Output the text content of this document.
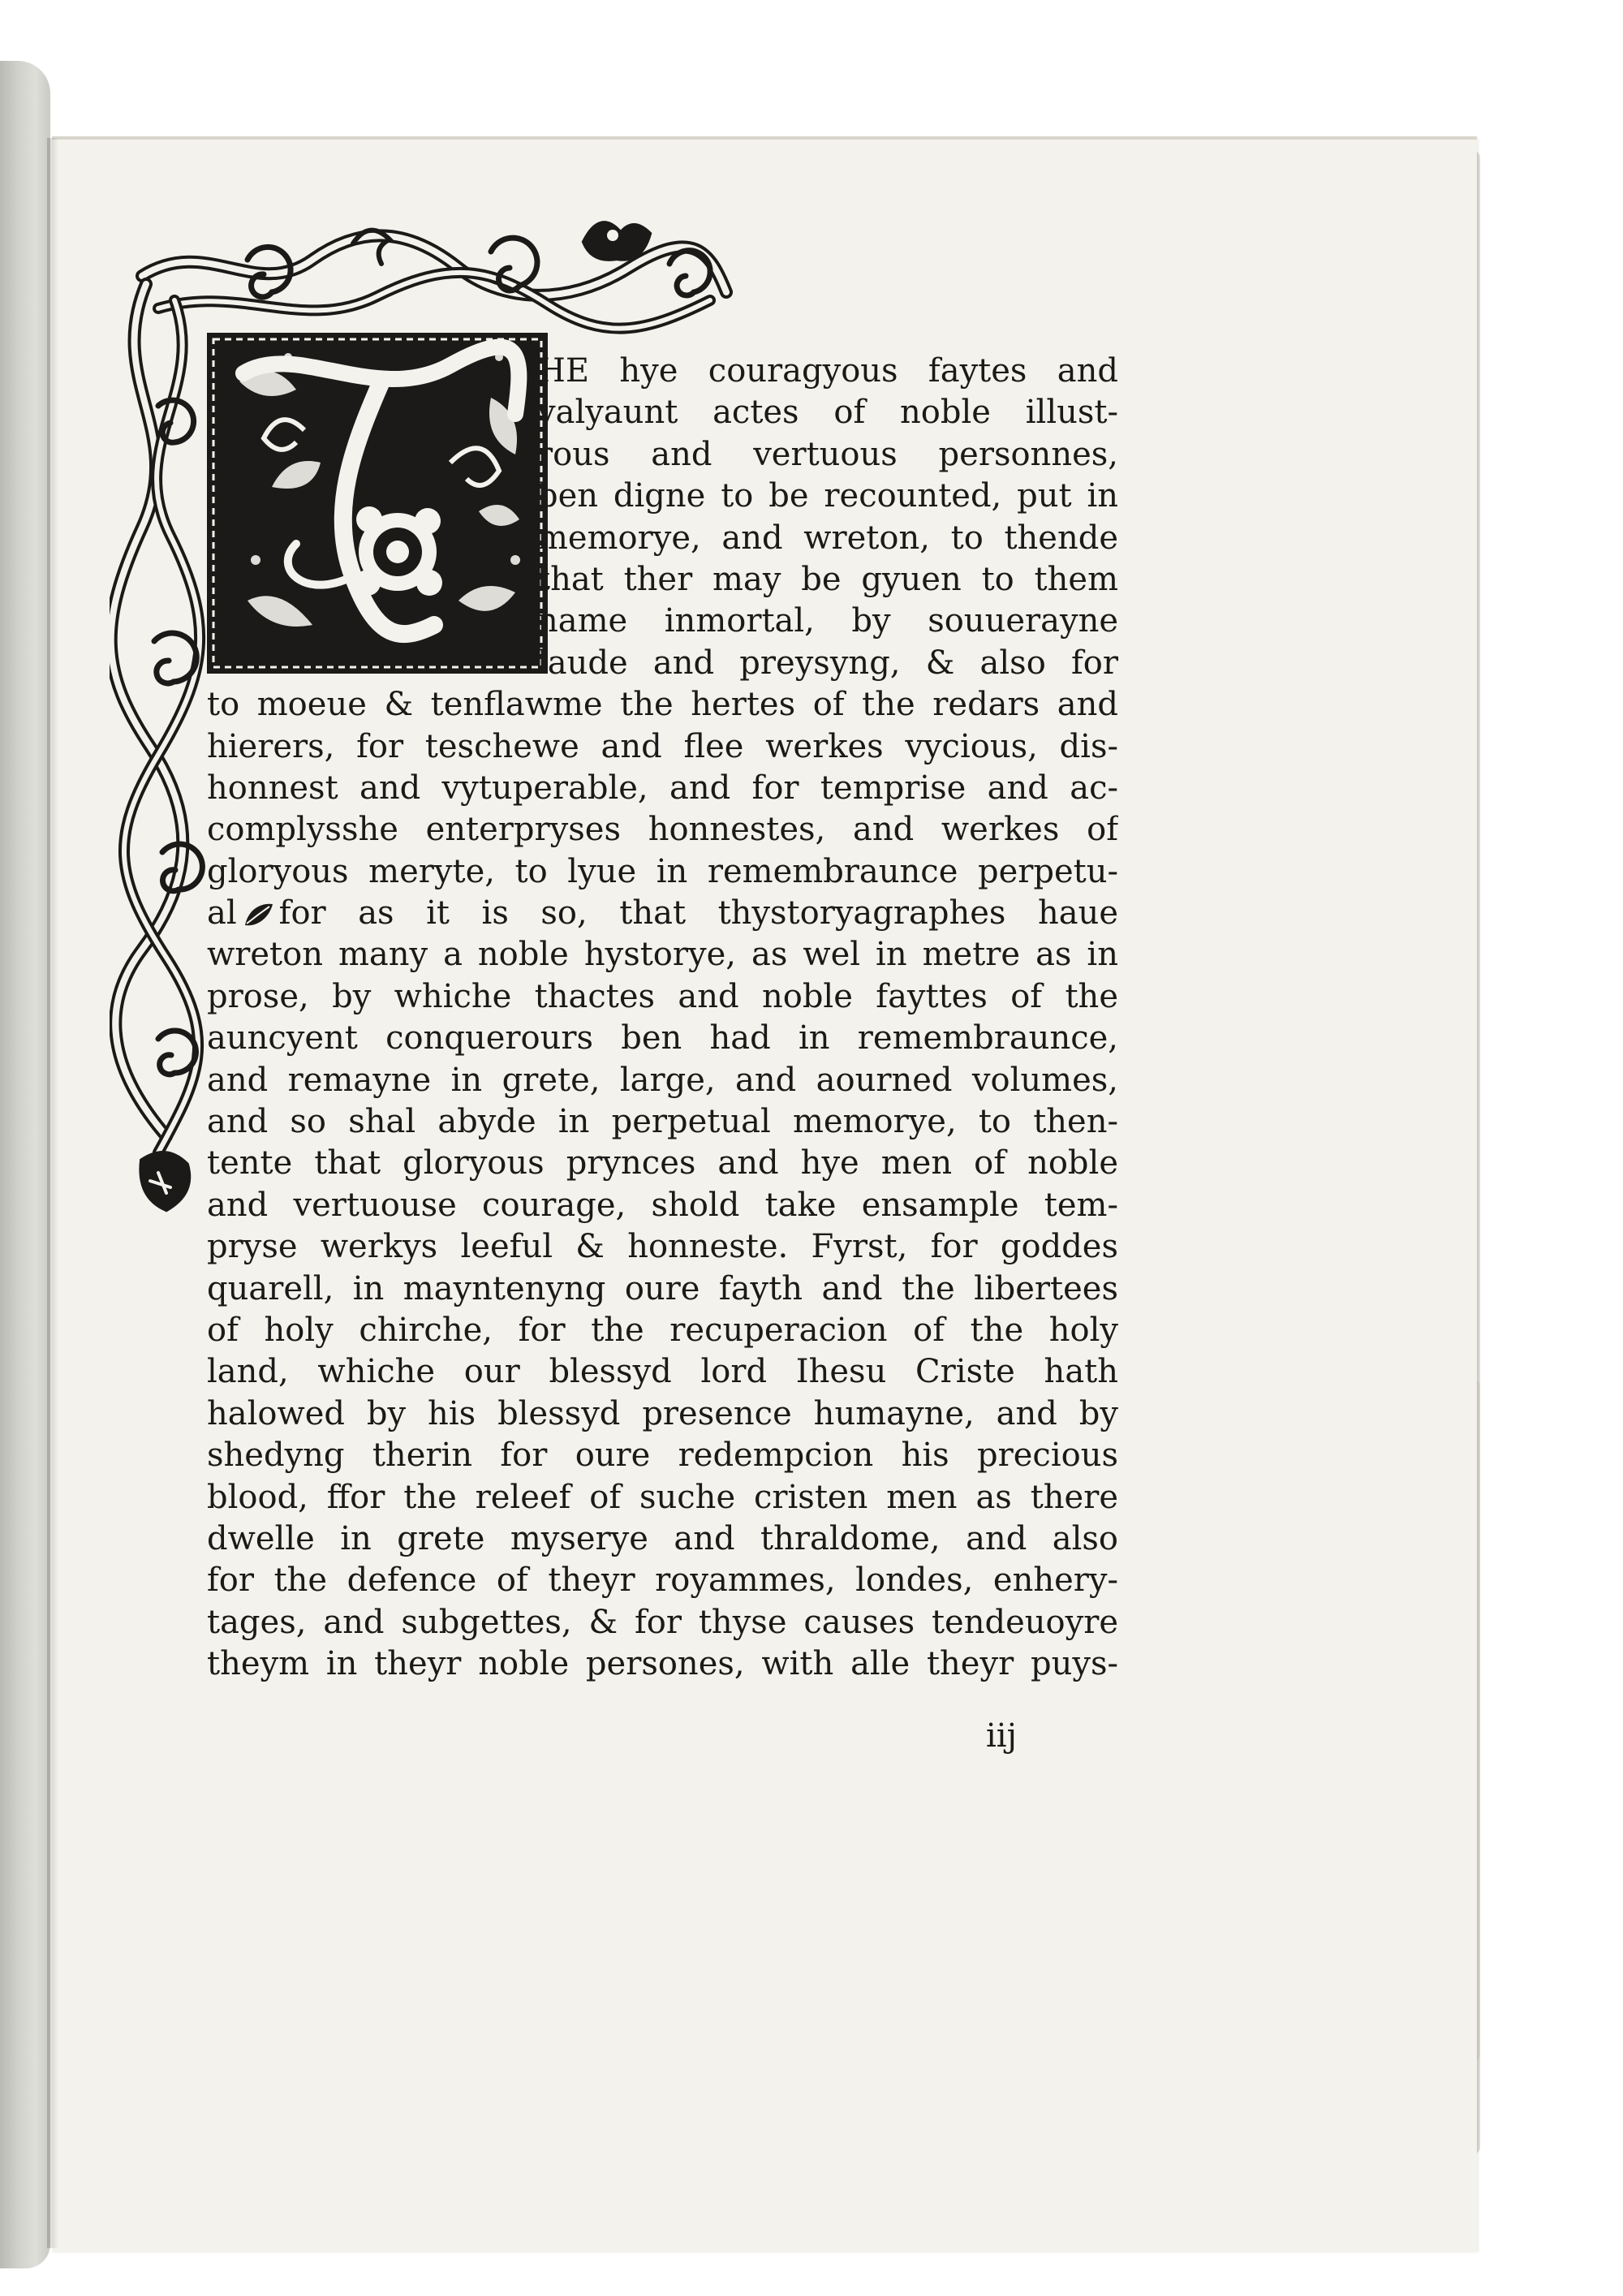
HE hye couragyous faytes and
valyaunt actes of noble illust-
rous and vertuous personnes,
ben digne to be recounted, put in
memorye, and wreton, to thende
that ther may be gyuen to them
name inmortal, by souuerayne
laude and preysyng, & also for
to moeue & tenflawme the hertes of the redars and
hierers, for teschewe and flee werkes vycious, dis-
honnest and vytuperable, and for temprise and ac-
complysshe enterpryses honnestes, and werkes of
gloryous meryte, to lyue in remembraunce perpetu-
al for as it is so, that thystoryagraphes haue
wreton many a noble hystorye, as wel in metre as in
prose, by whiche thactes and noble fayttes of the
auncyent conquerours ben had in remembraunce,
and remayne in grete, large, and aourned volumes,
and so shal abyde in perpetual memorye, to then-
tente that gloryous prynces and hye men of noble
and vertuouse courage, shold take ensample tem-
pryse werkys leeful & honneste. Fyrst, for goddes
quarell, in mayntenyng oure fayth and the libertees
of holy chirche, for the recuperacion of the holy
land, whiche our blessyd lord Ihesu Criste hath
halowed by his blessyd presence humayne, and by
shedyng therin for oure redempcion his precious
blood, ffor the releef of suche cristen men as there
dwelle in grete myserye and thraldome, and also
for the defence of theyr royammes, londes, enhery-
tages, and subgettes, & for thyse causes tendeuoyre
theym in theyr noble persones, with alle theyr puys-
iij
